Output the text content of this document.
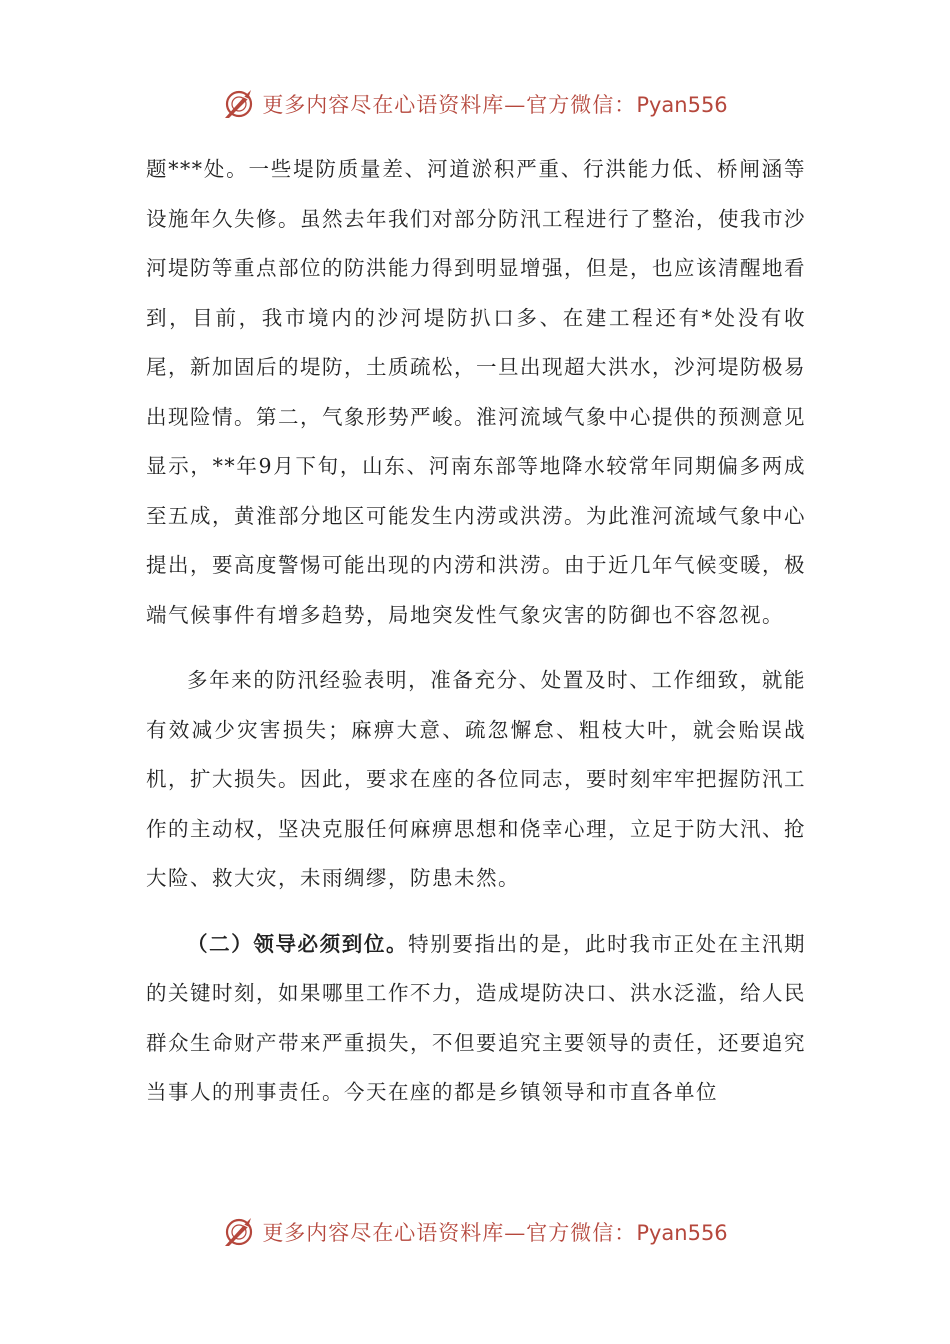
更多内容尽在心语资料库—官方微信：Pyan556

题***处。一些堤防质量差、河道淤积严重、行洪能力低、桥闸涵等设施年久失修。虽然去年我们对部分防汛工程进行了整治，使我市沙河堤防等重点部位的防洪能力得到明显增强，但是，也应该清醒地看到，目前，我市境内的沙河堤防扒口多、在建工程还有*处没有收尾，新加固后的堤防，土质疏松，一旦出现超大洪水，沙河堤防极易出现险情。第二，气象形势严峻。淮河流域气象中心提供的预测意见显示，**年9月下旬，山东、河南东部等地降水较常年同期偏多两成至五成，黄淮部分地区可能发生内涝或洪涝。为此淮河流域气象中心提出，要高度警惕可能出现的内涝和洪涝。由于近几年气候变暖，极端气候事件有增多趋势，局地突发性气象灾害的防御也不容忽视。

多年来的防汛经验表明，准备充分、处置及时、工作细致，就能有效减少灾害损失；麻痹大意、疏忽懈怠、粗枝大叶，就会贻误战机，扩大损失。因此，要求在座的各位同志，要时刻牢牢把握防汛工作的主动权，坚决克服任何麻痹思想和侥幸心理，立足于防大汛、抢大险、救大灾，未雨绸缪，防患未然。

（二）领导必须到位。特别要指出的是，此时我市正处在主汛期的关键时刻，如果哪里工作不力，造成堤防决口、洪水泛滥，给人民群众生命财产带来严重损失，不但要追究主要领导的责任，还要追究当事人的刑事责任。今天在座的都是乡镇领导和市直各单位

更多内容尽在心语资料库—官方微信：Pyan556
